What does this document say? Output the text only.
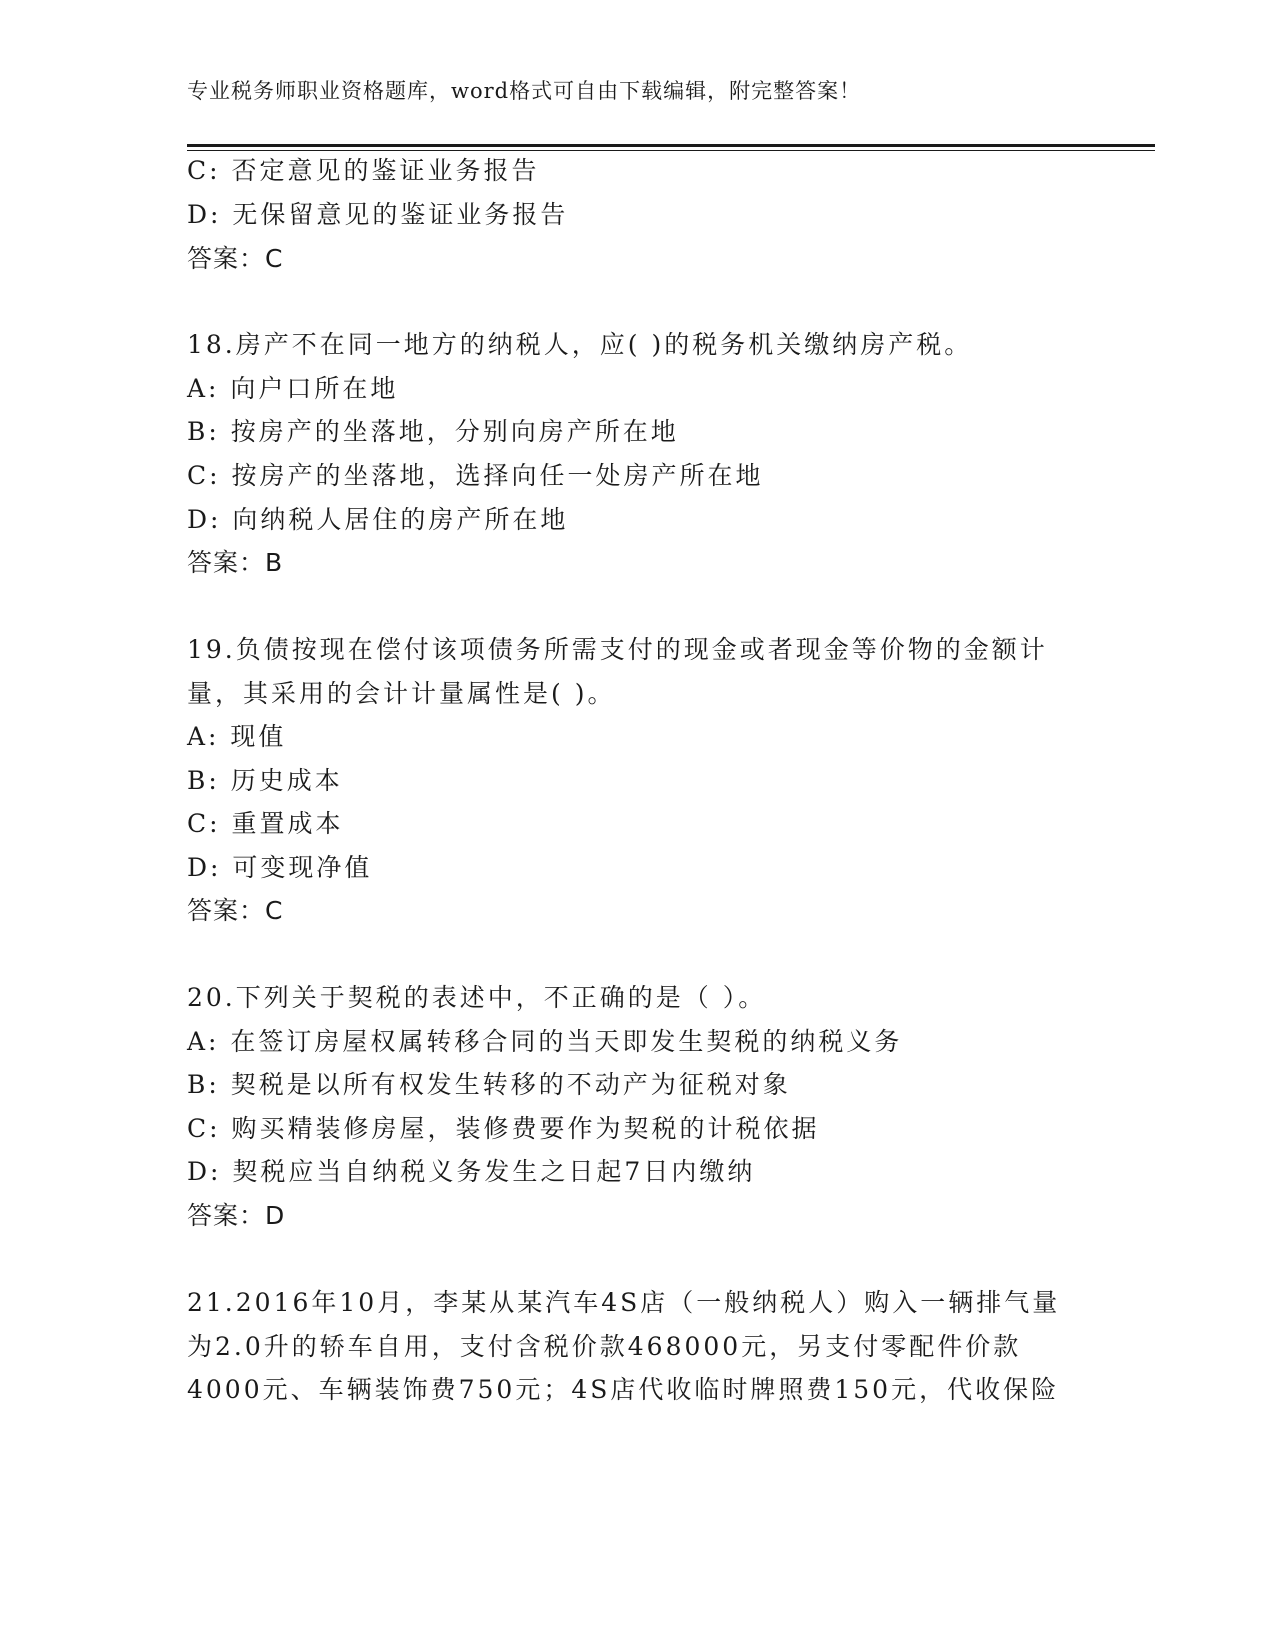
专业税务师职业资格题库，word格式可自由下载编辑，附完整答案！
C: 否定意见的鉴证业务报告
D: 无保留意见的鉴证业务报告
答案：C
18.房产不在同一地方的纳税人，应( )的税务机关缴纳房产税。
A: 向户口所在地
B: 按房产的坐落地，分别向房产所在地
C: 按房产的坐落地，选择向任一处房产所在地
D: 向纳税人居住的房产所在地
答案：B
19.负债按现在偿付该项债务所需支付的现金或者现金等价物的金额计
量，其采用的会计计量属性是( )。
A: 现值
B: 历史成本
C: 重置成本
D: 可变现净值
答案：C
20.下列关于契税的表述中，不正确的是（ ）。
A: 在签订房屋权属转移合同的当天即发生契税的纳税义务
B: 契税是以所有权发生转移的不动产为征税对象
C: 购买精装修房屋，装修费要作为契税的计税依据
D: 契税应当自纳税义务发生之日起7日内缴纳
答案：D
21.2016年10月，李某从某汽车4S店（一般纳税人）购入一辆排气量
为2.0升的轿车自用，支付含税价款468000元，另支付零配件价款
4000元、车辆装饰费750元；4S店代收临时牌照费150元，代收保险
